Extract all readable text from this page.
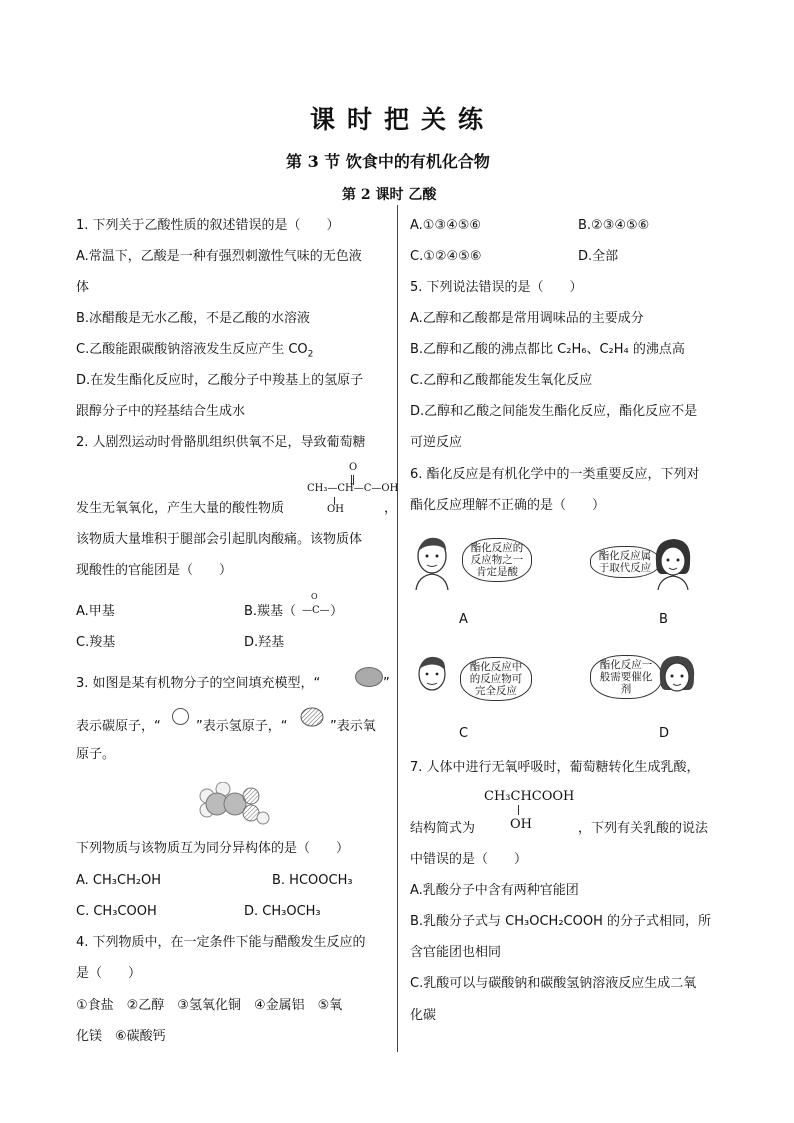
课时把关练
第 3 节 饮食中的有机化合物
第 2 课时 乙酸
1. 下列关于乙酸性质的叙述错误的是（　　）
A.常温下，乙酸是一种有强烈刺激性气味的无色液
体
B.冰醋酸是无水乙酸，不是乙酸的水溶液
C.乙酸能跟碳酸钠溶液发生反应产生 $CO_2$
D.在发生酯化反应时，乙酸分子中羧基上的氢原子
跟醇分子中的羟基结合生成水
2. 人剧烈运动时骨骼肌组织供氧不足，导致葡萄糖
O
CH₃—CH—C—OH
OH
发生无氧氧化，产生大量的酸性物质	，
该物质大量堆积于腿部会引起肌肉酸痛。该物质体
现酸性的官能团是（　　）
A.甲基	B.羰基（
O
—C— ）
C.羧基	D.羟基
3. 如图是某有机物分子的空间填充模型，“	”
表示碳原子，“	”表示氢原子，“	”表示氧
原子。
下列物质与该物质互为同分异构体的是（　　）
A. CH₃CH₂OH	B. HCOOCH₃
C. CH₃COOH	D. CH₃OCH₃
4. 下列物质中，在一定条件下能与醋酸发生反应的
是（　　）
①食盐　②乙醇　③氢氧化铜　④金属铝　⑤氧
化镁　⑥碳酸钙
A.①③④⑤⑥	B.②③④⑤⑥
C.①②④⑤⑥	D.全部
5. 下列说法错误的是（　　）
A.乙醇和乙酸都是常用调味品的主要成分
B.乙醇和乙酸的沸点都比 C₂H₆、C₂H₄ 的沸点高
C.乙醇和乙酸都能发生氧化反应
D.乙醇和乙酸之间能发生酯化反应，酯化反应不是
可逆反应
6. 酯化反应是有机化学中的一类重要反应，下列对
酯化反应理解不正确的是（　　）
酯化反应的反应物之一肯定是酸
A
酯化反应属于取代反应
B
酯化反应中的反应物可完全反应
C
酯化反应一般需要催化剂
D
7. 人体中进行无氧呼吸时，葡萄糖转化生成乳酸，
CH₃CHCOOH
OH
结构简式为	，下列有关乳酸的说法
中错误的是（　　）
A.乳酸分子中含有两种官能团
B.乳酸分子式与 CH₃OCH₂COOH 的分子式相同，所
含官能团也相同
C.乳酸可以与碳酸钠和碳酸氢钠溶液反应生成二氧
化碳
